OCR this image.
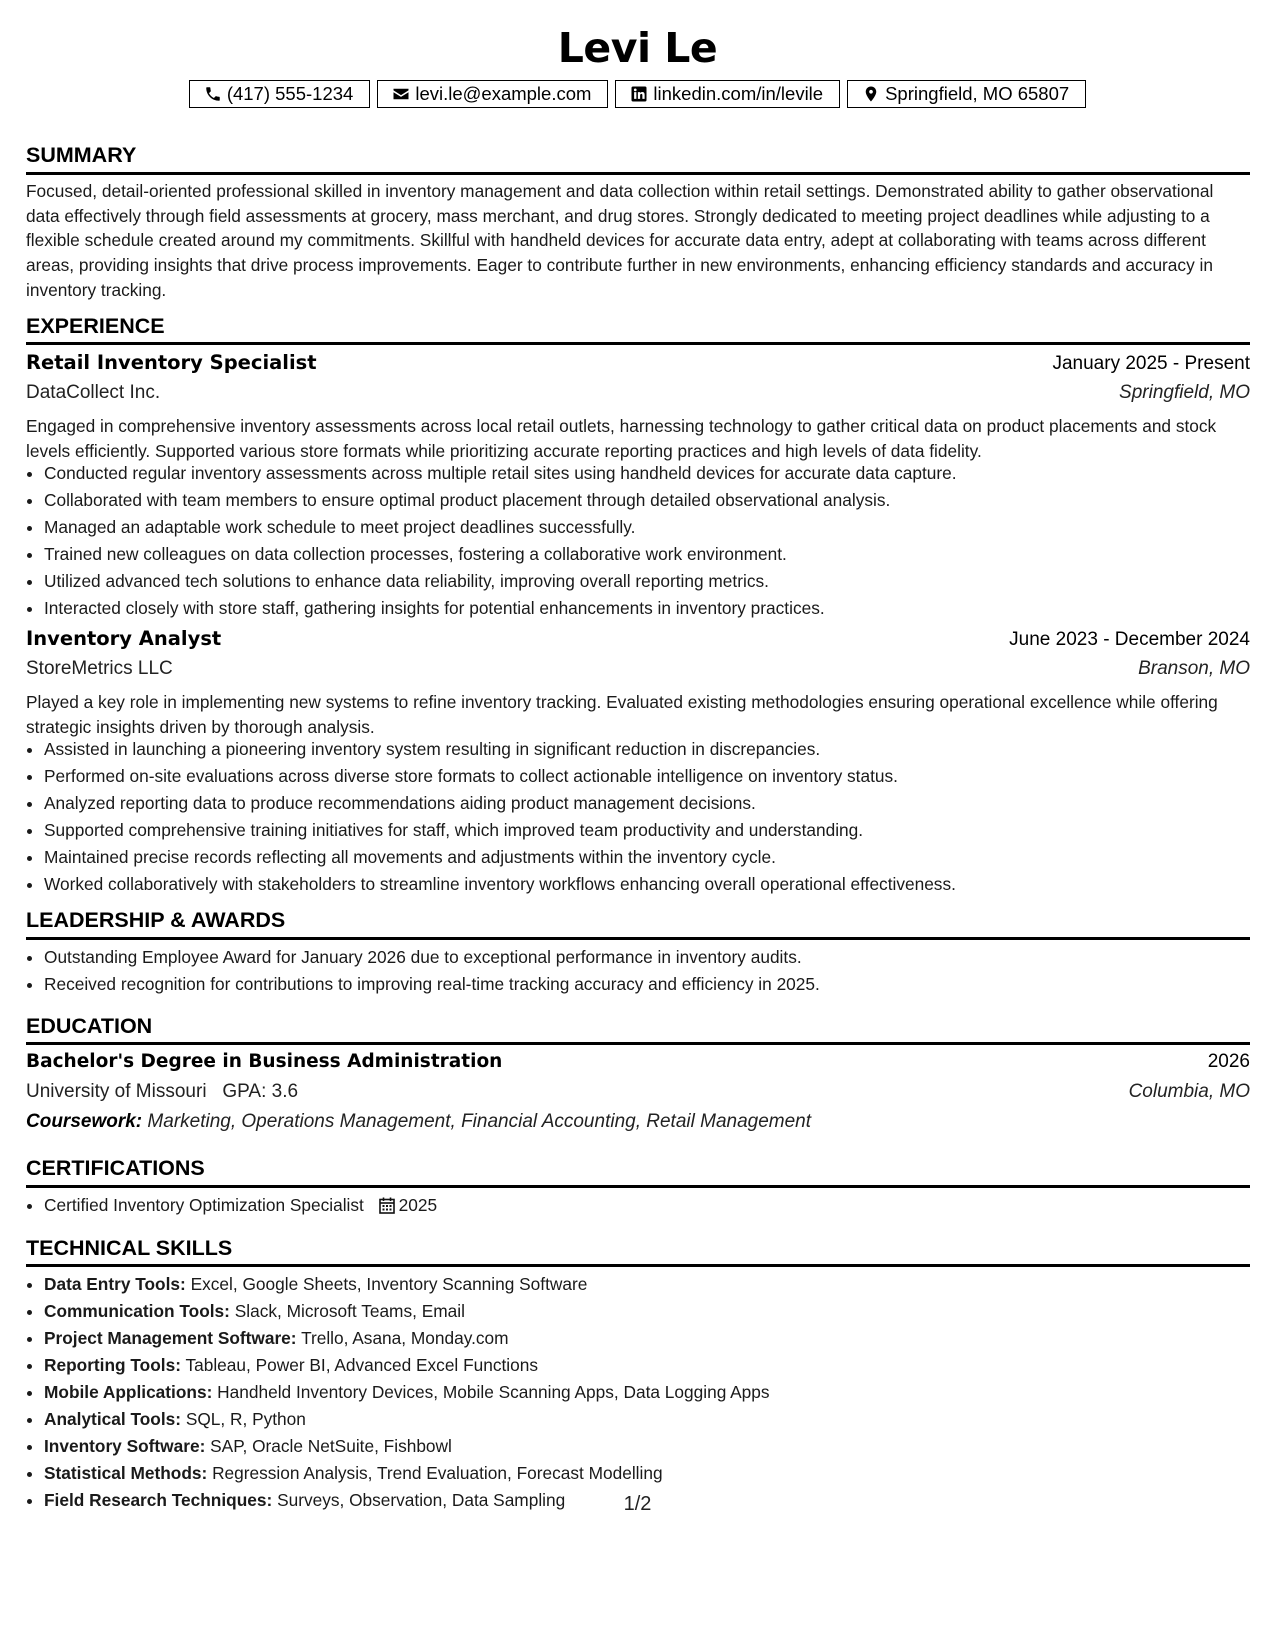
Levi Le
(417) 555-1234	levi.le@example.com	linkedin.com/in/levile	Springfield, MO 65807
SUMMARY
Focused, detail-oriented professional skilled in inventory management and data collection within retail settings. Demonstrated ability to gather observational data effectively through field assessments at grocery, mass merchant, and drug stores. Strongly dedicated to meeting project deadlines while adjusting to a flexible schedule created around my commitments. Skillful with handheld devices for accurate data entry, adept at collaborating with teams across different areas, providing insights that drive process improvements. Eager to contribute further in new environments, enhancing efficiency standards and accuracy in inventory tracking.
EXPERIENCE
Retail Inventory Specialist	January 2025 - Present
DataCollect Inc.	Springfield, MO
Engaged in comprehensive inventory assessments across local retail outlets, harnessing technology to gather critical data on product placements and stock levels efficiently. Supported various store formats while prioritizing accurate reporting practices and high levels of data fidelity.
• Conducted regular inventory assessments across multiple retail sites using handheld devices for accurate data capture.
• Collaborated with team members to ensure optimal product placement through detailed observational analysis.
• Managed an adaptable work schedule to meet project deadlines successfully.
• Trained new colleagues on data collection processes, fostering a collaborative work environment.
• Utilized advanced tech solutions to enhance data reliability, improving overall reporting metrics.
• Interacted closely with store staff, gathering insights for potential enhancements in inventory practices.
Inventory Analyst	June 2023 - December 2024
StoreMetrics LLC	Branson, MO
Played a key role in implementing new systems to refine inventory tracking. Evaluated existing methodologies ensuring operational excellence while offering strategic insights driven by thorough analysis.
• Assisted in launching a pioneering inventory system resulting in significant reduction in discrepancies.
• Performed on-site evaluations across diverse store formats to collect actionable intelligence on inventory status.
• Analyzed reporting data to produce recommendations aiding product management decisions.
• Supported comprehensive training initiatives for staff, which improved team productivity and understanding.
• Maintained precise records reflecting all movements and adjustments within the inventory cycle.
• Worked collaboratively with stakeholders to streamline inventory workflows enhancing overall operational effectiveness.
LEADERSHIP & AWARDS
• Outstanding Employee Award for January 2026 due to exceptional performance in inventory audits.
• Received recognition for contributions to improving real-time tracking accuracy and efficiency in 2025.
EDUCATION
Bachelor's Degree in Business Administration	2026
University of Missouri GPA: 3.6	Columbia, MO
Coursework: Marketing, Operations Management, Financial Accounting, Retail Management
CERTIFICATIONS
• Certified Inventory Optimization Specialist 2025
TECHNICAL SKILLS
• Data Entry Tools: Excel, Google Sheets, Inventory Scanning Software
• Communication Tools: Slack, Microsoft Teams, Email
• Project Management Software: Trello, Asana, Monday.com
• Reporting Tools: Tableau, Power BI, Advanced Excel Functions
• Mobile Applications: Handheld Inventory Devices, Mobile Scanning Apps, Data Logging Apps
• Analytical Tools: SQL, R, Python
• Inventory Software: SAP, Oracle NetSuite, Fishbowl
• Statistical Methods: Regression Analysis, Trend Evaluation, Forecast Modelling
• Field Research Techniques: Surveys, Observation, Data Sampling	1/2
